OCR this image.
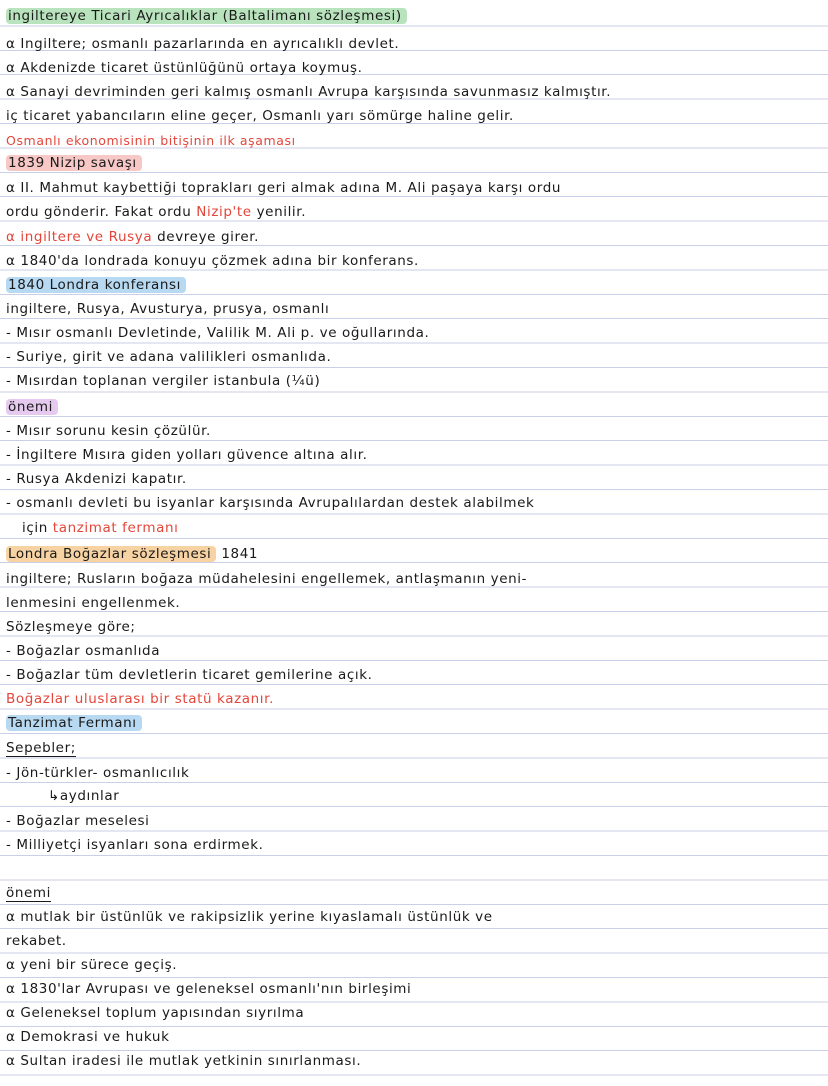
ingiltereye Ticari Ayrıcalıklar (Baltalimanı sözleşmesi)
⍺ Ingiltere; osmanlı pazarlarında en ayrıcalıklı devlet.
⍺ Akdenizde ticaret üstünlüğünü ortaya koymuş.
⍺ Sanayi devriminden geri kalmış osmanlı Avrupa karşısında savunmasız kalmıştır.
iç ticaret yabancıların eline geçer, Osmanlı yarı sömürge haline gelir.
Osmanlı ekonomisinin bitişinin ilk aşaması
1839 Nizip savaşı
⍺ II. Mahmut kaybettiği toprakları geri almak adına M. Ali paşaya karşı ordu
ordu gönderir. Fakat ordu Nizip'te yenilir.
⍺ ingiltere ve Rusya devreye girer.
⍺ 1840'da londrada konuyu çözmek adına bir konferans.
1840 Londra konferansı
ingiltere, Rusya, Avusturya, prusya, osmanlı
- Mısır osmanlı Devletinde, Valilik M. Ali p. ve oğullarında.
- Suriye, girit ve adana valilikleri osmanlıda.
- Mısırdan toplanan vergiler istanbula (¼ü)
önemi
- Mısır sorunu kesin çözülür.
- İngiltere Mısıra giden yolları güvence altına alır.
- Rusya Akdenizi kapatır.
- osmanlı devleti bu isyanlar karşısında Avrupalılardan destek alabilmek
için tanzimat fermanı
Londra Boğazlar sözleşmesi 1841
ingiltere; Rusların boğaza müdahelesini engellemek, antlaşmanın yeni-
lenmesini engellenmek.
Sözleşmeye göre;
- Boğazlar osmanlıda
- Boğazlar tüm devletlerin ticaret gemilerine açık.
Boğazlar uluslarası bir statü kazanır.
Tanzimat Fermanı
Sepebler;
- Jön-türkler- osmanlıcılık
↳aydınlar
- Boğazlar meselesi
- Milliyetçi isyanları sona erdirmek.
önemi
⍺ mutlak bir üstünlük ve rakipsizlik yerine kıyaslamalı üstünlük ve
rekabet.
⍺ yeni bir sürece geçiş.
⍺ 1830'lar Avrupası ve geleneksel osmanlı'nın birleşimi
⍺ Geleneksel toplum yapısından sıyrılma
⍺ Demokrasi ve hukuk
⍺ Sultan iradesi ile mutlak yetkinin sınırlanması.
